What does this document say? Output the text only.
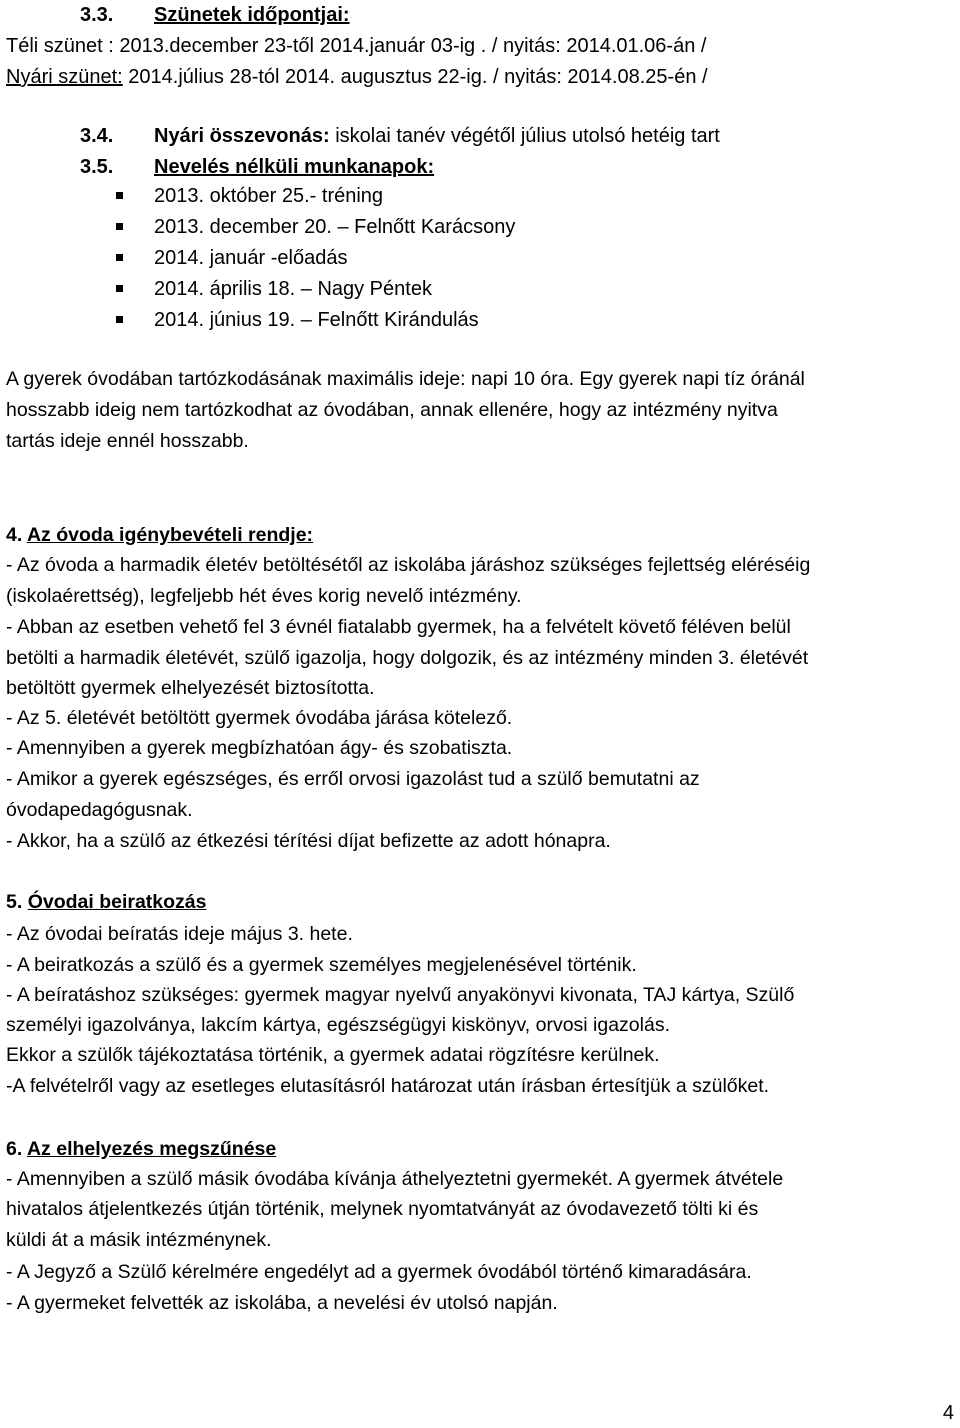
3.3. Szünetek időpontjai:
Téli szünet : 2013.december 23-től 2014.január 03-ig . / nyitás: 2014.01.06-án /
Nyári szünet: 2014.július 28-tól 2014. augusztus 22-ig. / nyitás: 2014.08.25-én /
3.4. Nyári összevonás: iskolai tanév végétől július utolsó hetéig tart
3.5. Nevelés nélküli munkanapok:
2013. október 25.- tréning
2013. december 20. – Felnőtt Karácsony
2014. január -előadás
2014. április 18. – Nagy Péntek
2014. június 19. – Felnőtt Kirándulás
A gyerek óvodában tartózkodásának maximális ideje: napi 10 óra. Egy gyerek napi tíz óránál
hosszabb ideig nem tartózkodhat az óvodában, annak ellenére, hogy az intézmény nyitva
tartás ideje ennél hosszabb.
4. Az óvoda igénybevételi rendje:
- Az óvoda a harmadik életév betöltésétől az iskolába járáshoz szükséges fejlettség eléréséig
(iskolaérettség), legfeljebb hét éves korig nevelő intézmény.
- Abban az esetben vehető fel 3 évnél fiatalabb gyermek, ha a felvételt követő féléven belül
betölti a harmadik életévét, szülő igazolja, hogy dolgozik, és az intézmény minden 3. életévét
betöltött gyermek elhelyezését biztosította.
- Az 5. életévét betöltött gyermek óvodába járása kötelező.
- Amennyiben a gyerek megbízhatóan ágy- és szobatiszta.
- Amikor a gyerek egészséges, és erről orvosi igazolást tud a szülő bemutatni az
óvodapedagógusnak.
- Akkor, ha a szülő az étkezési térítési díjat befizette az adott hónapra.
5. Óvodai beiratkozás
- Az óvodai beíratás ideje május 3. hete.
- A beiratkozás a szülő és a gyermek személyes megjelenésével történik.
- A beíratáshoz szükséges: gyermek magyar nyelvű anyakönyvi kivonata, TAJ kártya, Szülő
személyi igazolványa, lakcím kártya, egészségügyi kiskönyv, orvosi igazolás.
Ekkor a szülők tájékoztatása történik, a gyermek adatai rögzítésre kerülnek.
-A felvételről vagy az esetleges elutasításról határozat után írásban értesítjük a szülőket.
6. Az elhelyezés megszűnése
- Amennyiben a szülő másik óvodába kívánja áthelyeztetni gyermekét. A gyermek átvétele
hivatalos átjelentkezés útján történik, melynek nyomtatványát az óvodavezető tölti ki és
küldi át a másik intézménynek.
- A Jegyző a Szülő kérelmére engedélyt ad a gyermek óvodából történő kimaradására.
- A gyermeket felvették az iskolába, a nevelési év utolsó napján.
4
